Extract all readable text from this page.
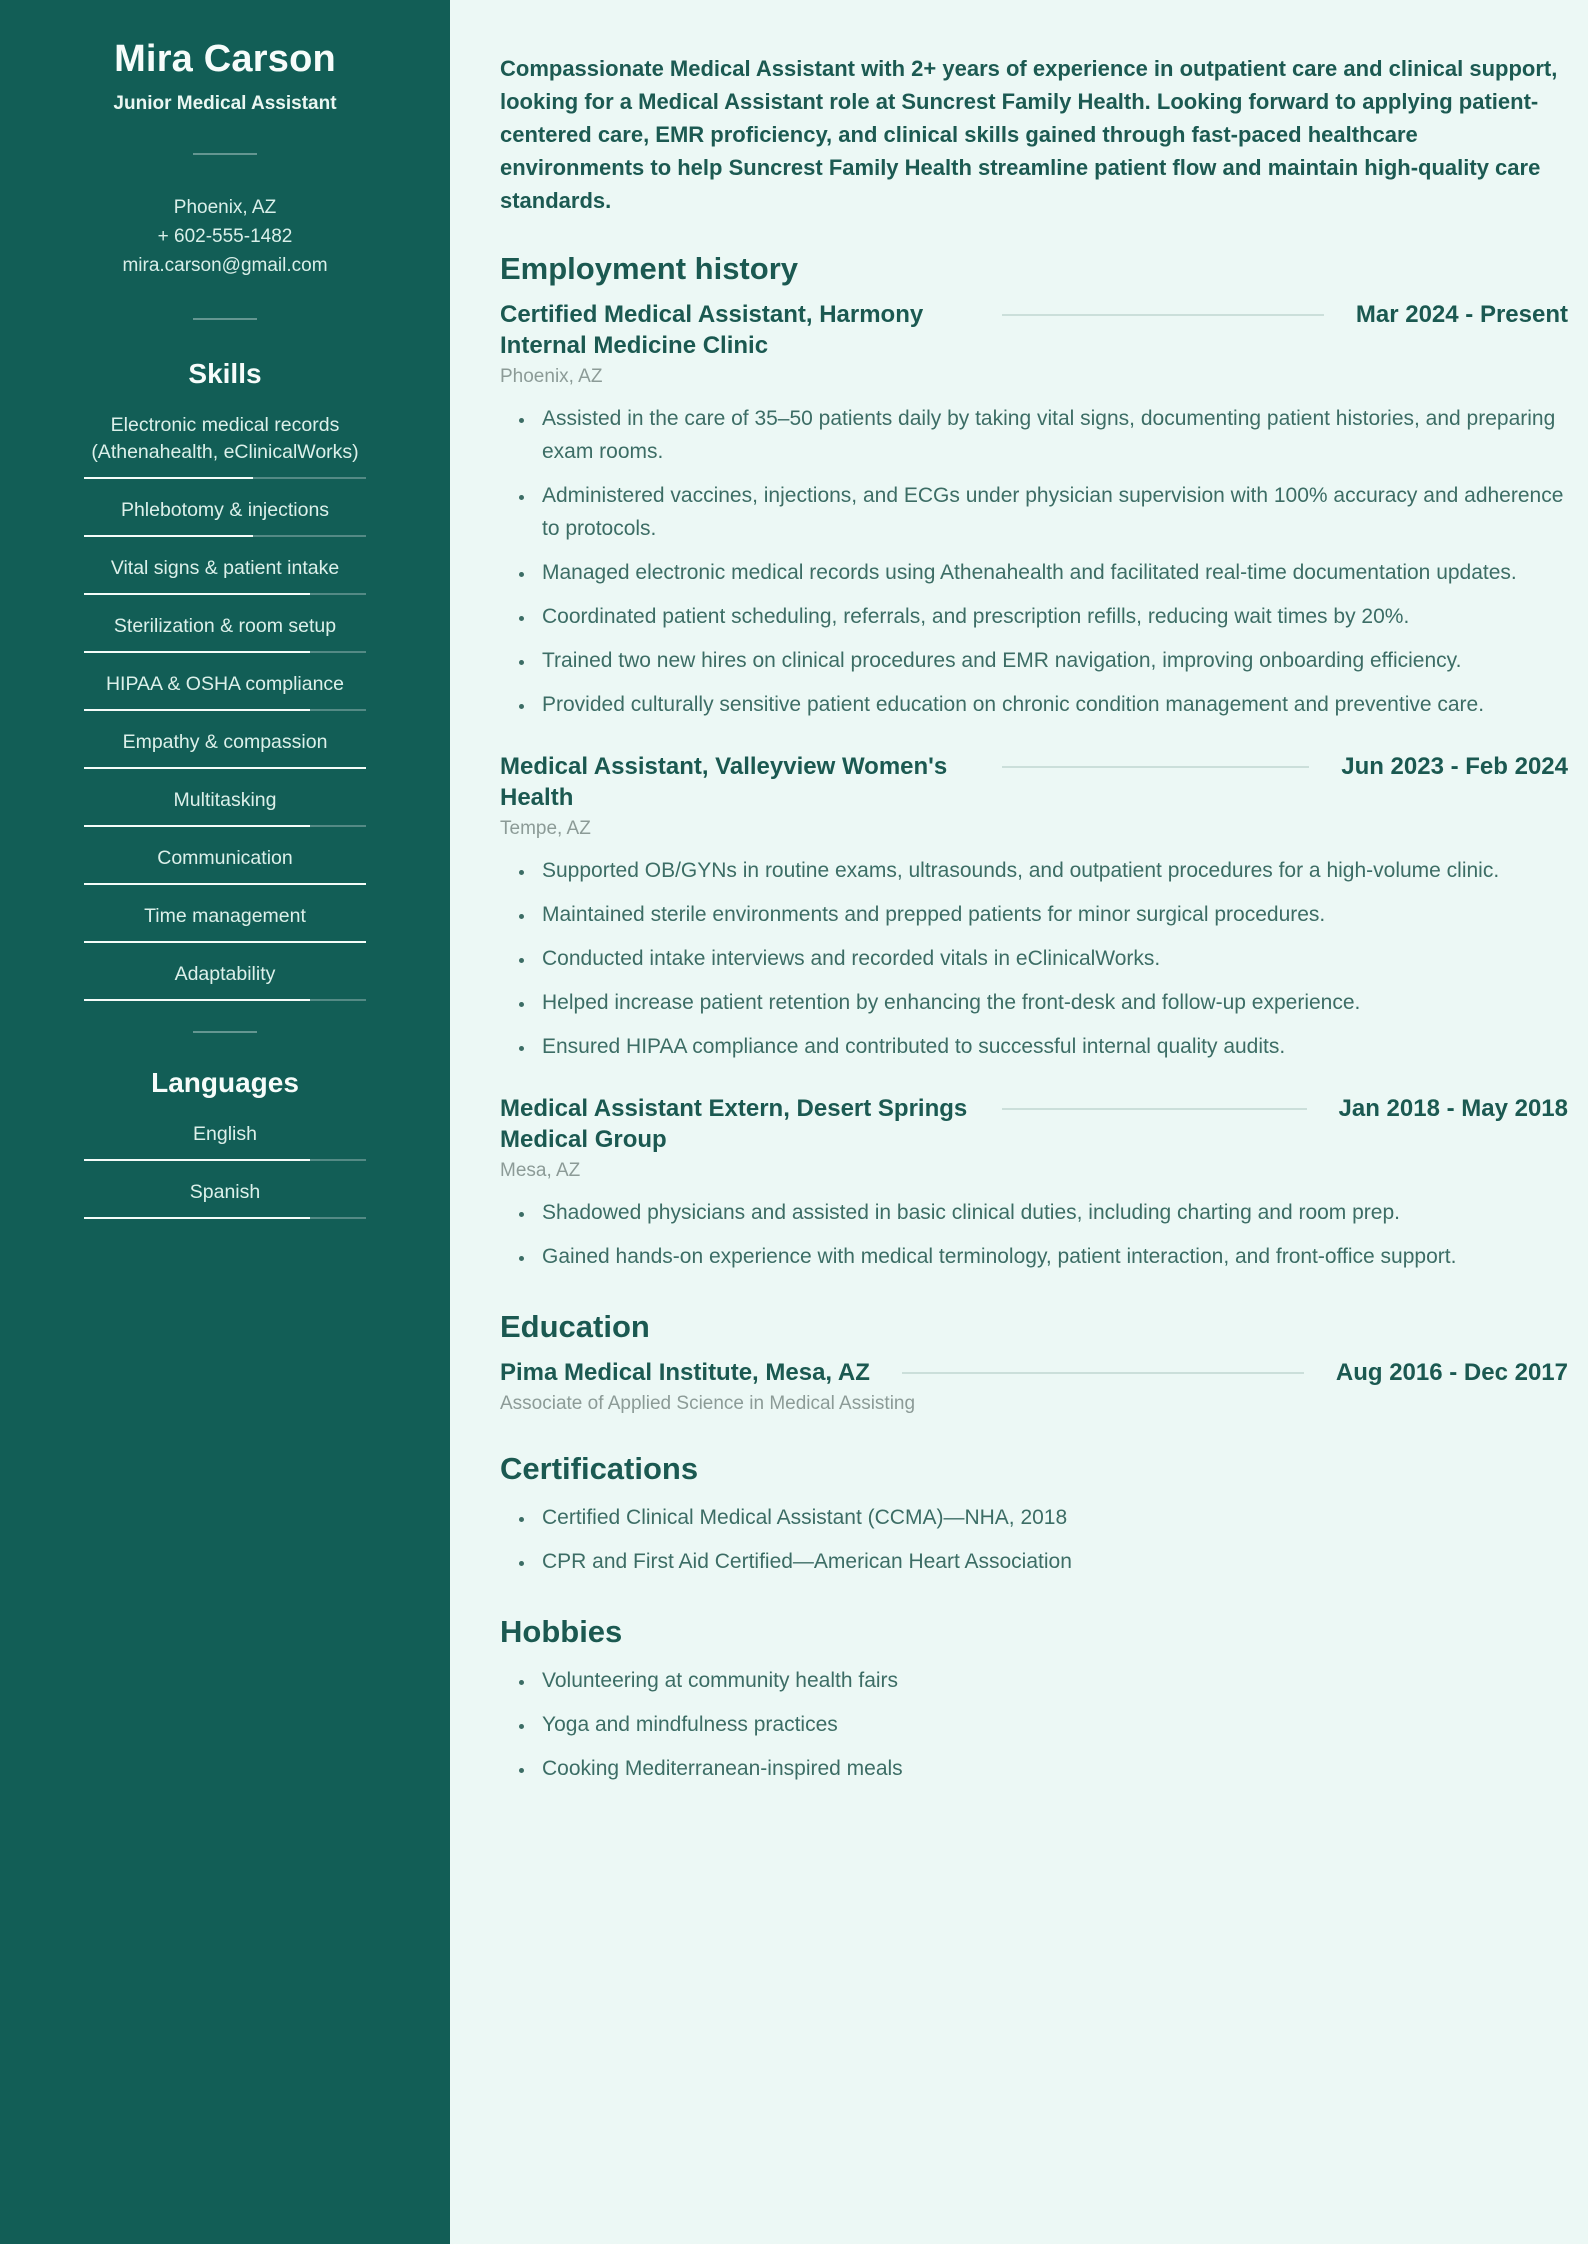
Mira Carson
Junior Medical Assistant
Phoenix, AZ
+ 602-555-1482
mira.carson@gmail.com
Skills
Electronic medical records (Athenahealth, eClinicalWorks)
Phlebotomy & injections
Vital signs & patient intake
Sterilization & room setup
HIPAA & OSHA compliance
Empathy & compassion
Multitasking
Communication
Time management
Adaptability
Languages
English
Spanish

Compassionate Medical Assistant with 2+ years of experience in outpatient care and clinical support, looking for a Medical Assistant role at Suncrest Family Health. Looking forward to applying patient-centered care, EMR proficiency, and clinical skills gained through fast-paced healthcare environments to help Suncrest Family Health streamline patient flow and maintain high-quality care standards.

Employment history
Certified Medical Assistant, Harmony Internal Medicine Clinic
Mar 2024 - Present
Phoenix, AZ
• Assisted in the care of 35–50 patients daily by taking vital signs, documenting patient histories, and preparing exam rooms.
• Administered vaccines, injections, and ECGs under physician supervision with 100% accuracy and adherence to protocols.
• Managed electronic medical records using Athenahealth and facilitated real-time documentation updates.
• Coordinated patient scheduling, referrals, and prescription refills, reducing wait times by 20%.
• Trained two new hires on clinical procedures and EMR navigation, improving onboarding efficiency.
• Provided culturally sensitive patient education on chronic condition management and preventive care.
Medical Assistant, Valleyview Women's Health
Jun 2023 - Feb 2024
Tempe, AZ
• Supported OB/GYNs in routine exams, ultrasounds, and outpatient procedures for a high-volume clinic.
• Maintained sterile environments and prepped patients for minor surgical procedures.
• Conducted intake interviews and recorded vitals in eClinicalWorks.
• Helped increase patient retention by enhancing the front-desk and follow-up experience.
• Ensured HIPAA compliance and contributed to successful internal quality audits.
Medical Assistant Extern, Desert Springs Medical Group
Jan 2018 - May 2018
Mesa, AZ
• Shadowed physicians and assisted in basic clinical duties, including charting and room prep.
• Gained hands-on experience with medical terminology, patient interaction, and front-office support.
Education
Pima Medical Institute, Mesa, AZ	Aug 2016 - Dec 2017
Associate of Applied Science in Medical Assisting
Certifications
• Certified Clinical Medical Assistant (CCMA)—NHA, 2018
• CPR and First Aid Certified—American Heart Association
Hobbies
• Volunteering at community health fairs
• Yoga and mindfulness practices
• Cooking Mediterranean-inspired meals
